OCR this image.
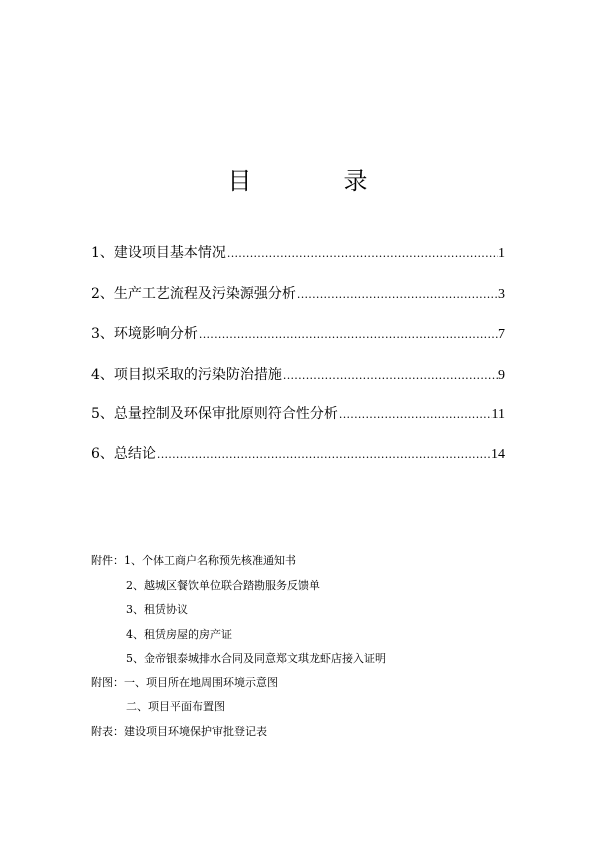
目　录
1、建设项目基本情况 .....	1
2、生产工艺流程及污染源强分析 .....	3
3、环境影响分析 .....	7
4、项目拟采取的污染防治措施 .....	9
5、总量控制及环保审批原则符合性分析 .....	11
6、总结论 .....	14
附件：1、个体工商户名称预先核准通知书
2、越城区餐饮单位联合踏勘服务反馈单
3、租赁协议
4、租赁房屋的房产证
5、金帝银泰城排水合同及同意郑文琪龙虾店接入证明
附图：一、项目所在地周围环境示意图
二、项目平面布置图
附表：建设项目环境保护审批登记表
